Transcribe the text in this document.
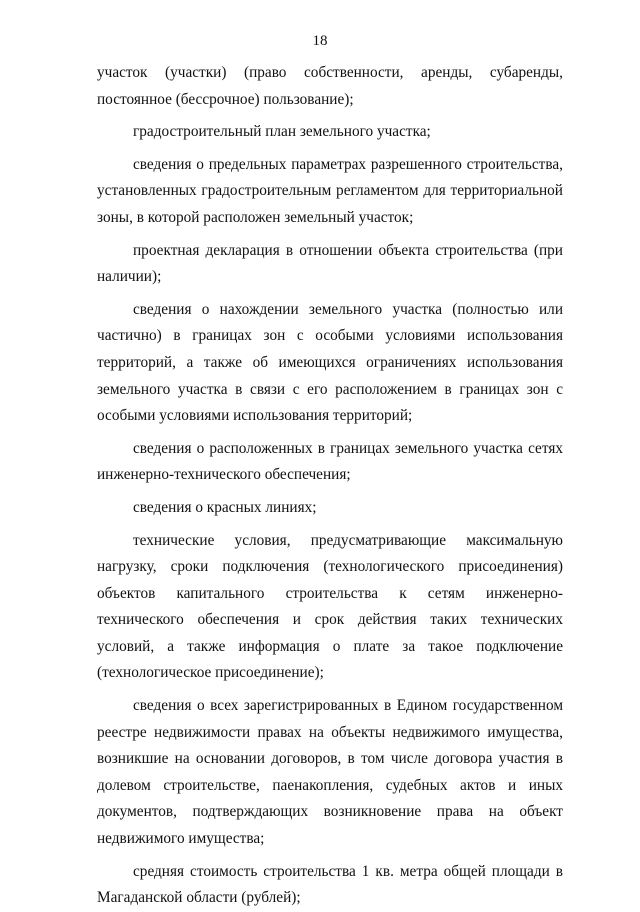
18

участок (участки) (право собственности, аренды, субаренды, постоянное (бессрочное) пользование);

градостроительный план земельного участка;

сведения о предельных параметрах разрешенного строительства, установленных градостроительным регламентом для территориальной зоны, в которой расположен земельный участок;

проектная декларация в отношении объекта строительства (при наличии);

сведения о нахождении земельного участка (полностью или частично) в границах зон с особыми условиями использования территорий, а также об имеющихся ограничениях использования земельного участка в связи с его расположением в границах зон с особыми условиями использования территорий;

сведения о расположенных в границах земельного участка сетях инженерно-технического обеспечения;

сведения о красных линиях;

технические условия, предусматривающие максимальную нагрузку, сроки подключения (технологического присоединения) объектов капитального строительства к сетям инженерно-технического обеспечения и срок действия таких технических условий, а также информация о плате за такое подключение (технологическое присоединение);

сведения о всех зарегистрированных в Едином государственном реестре недвижимости правах на объекты недвижимого имущества, возникшие на основании договоров, в том числе договора участия в долевом строительстве, паенакопления, судебных актов и иных документов, подтверждающих возникновение права на объект недвижимого имущества;

средняя стоимость строительства 1 кв. метра общей площади в Магаданской области (рублей);
